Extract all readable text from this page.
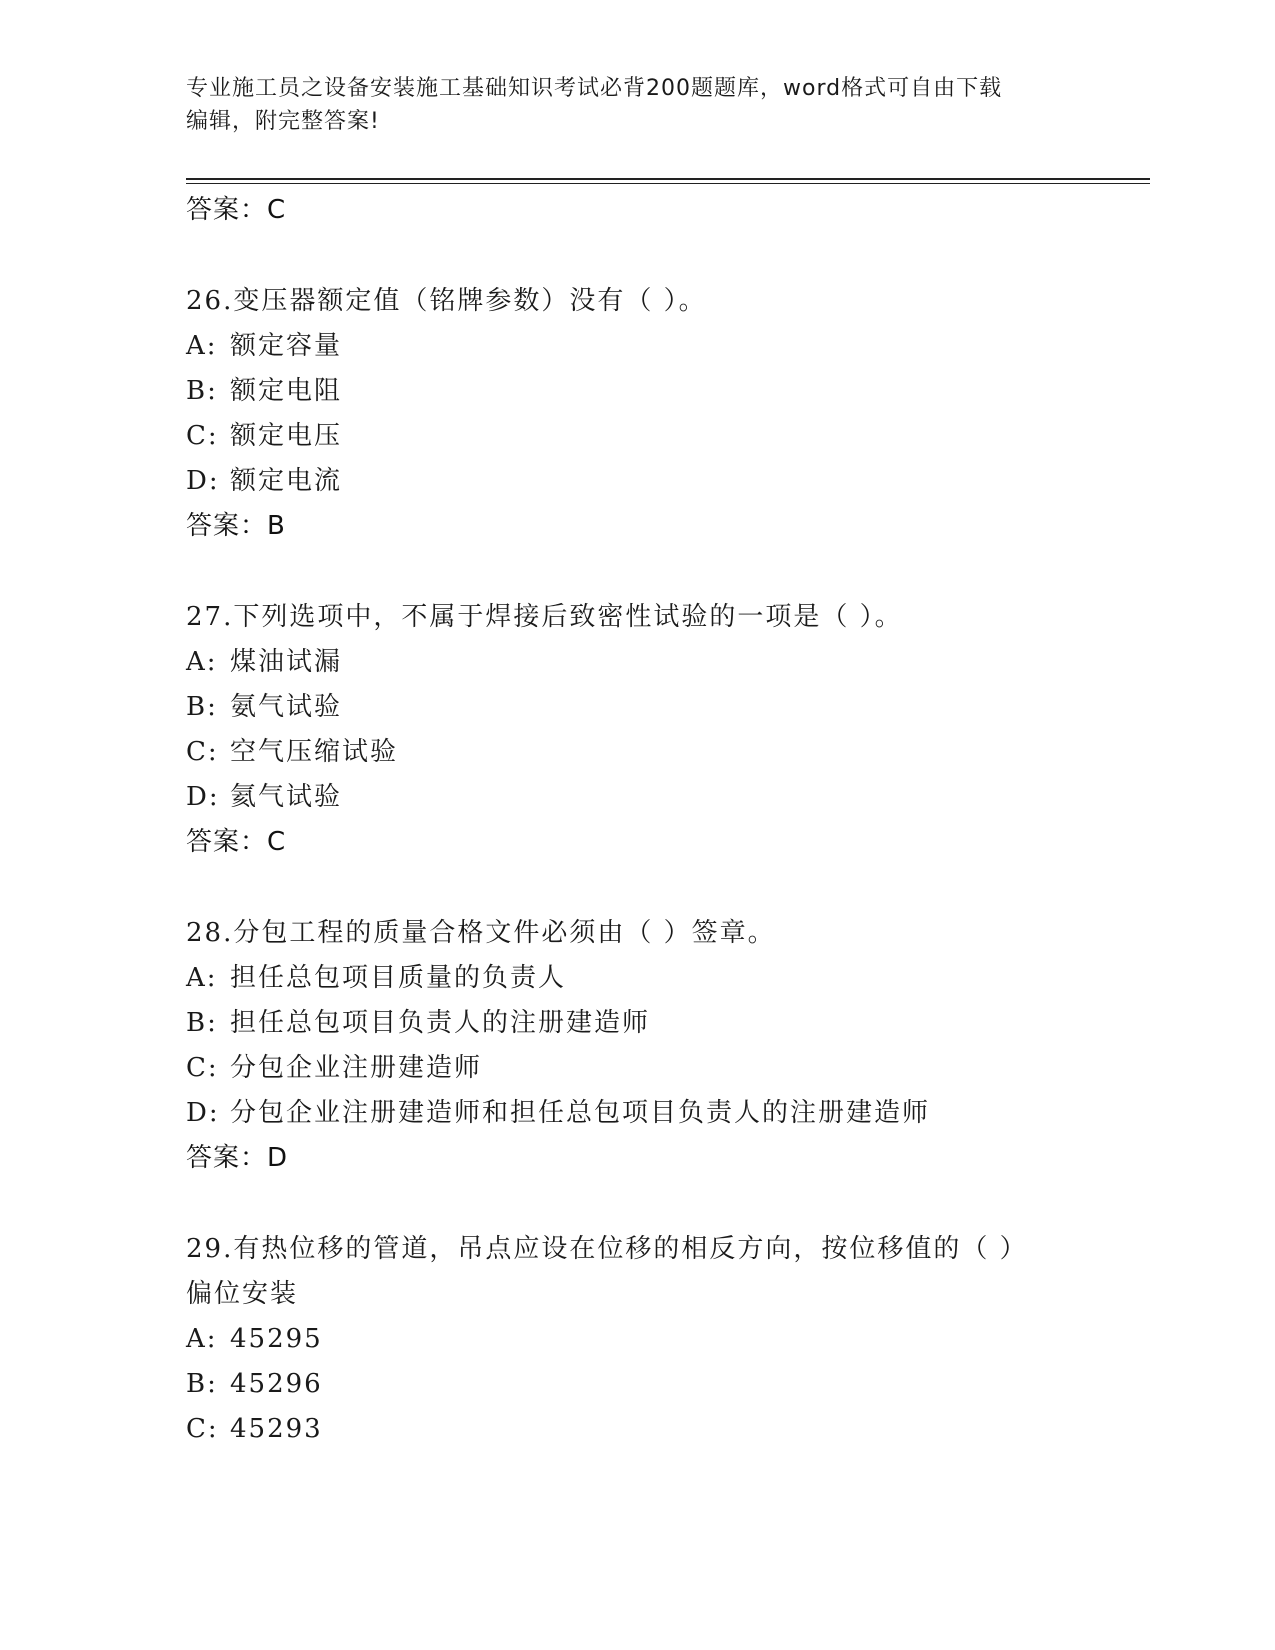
专业施工员之设备安装施工基础知识考试必背200题题库，word格式可自由下载
编辑，附完整答案!
答案：C
26.变压器额定值（铭牌参数）没有（ ）。
A: 额定容量
B: 额定电阻
C: 额定电压
D: 额定电流
答案：B
27.下列选项中，不属于焊接后致密性试验的一项是（ ）。
A: 煤油试漏
B: 氨气试验
C: 空气压缩试验
D: 氦气试验
答案：C
28.分包工程的质量合格文件必须由（ ）签章。
A: 担任总包项目质量的负责人
B: 担任总包项目负责人的注册建造师
C: 分包企业注册建造师
D: 分包企业注册建造师和担任总包项目负责人的注册建造师
答案：D
29.有热位移的管道，吊点应设在位移的相反方向，按位移值的（ ）
偏位安装
A: 45295
B: 45296
C: 45293
